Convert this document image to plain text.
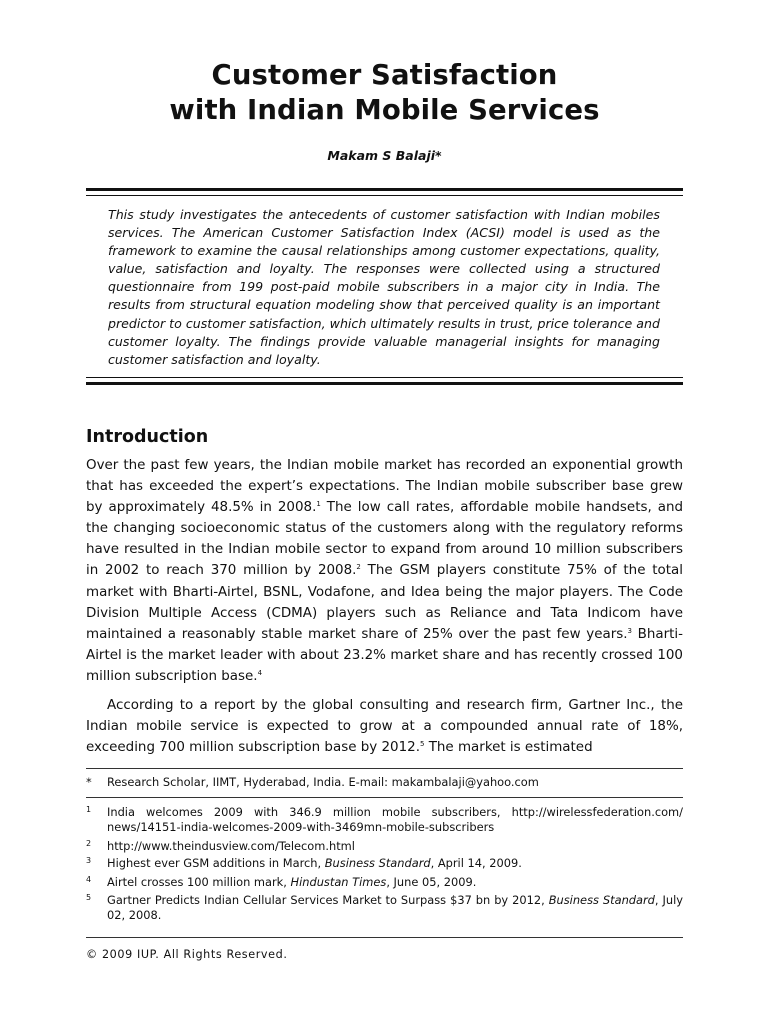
Customer Satisfaction
with Indian Mobile Services
Makam S Balaji*

This study investigates the antecedents of customer satisfaction with Indian mobiles services. The American Customer Satisfaction Index (ACSI) model is used as the framework to examine the causal relationships among customer expectations, quality, value, satisfaction and loyalty. The responses were collected using a structured questionnaire from 199 post-paid mobile subscribers in a major city in India. The results from structural equation modeling show that perceived quality is an important predictor to customer satisfaction, which ultimately results in trust, price tolerance and customer loyalty. The findings provide valuable managerial insights for managing customer satisfaction and loyalty.

Introduction

Over the past few years, the Indian mobile market has recorded an exponential growth that has exceeded the expert’s expectations. The Indian mobile subscriber base grew by approximately 48.5% in 2008.$^1$ The low call rates, affordable mobile handsets, and the changing socioeconomic status of the customers along with the regulatory reforms have resulted in the Indian mobile sector to expand from around 10 million subscribers in 2002 to reach 370 million by 2008.$^2$ The GSM players constitute 75% of the total market with Bharti-Airtel, BSNL, Vodafone, and Idea being the major players. The Code Division Multiple Access (CDMA) players such as Reliance and Tata Indicom have maintained a reasonably stable market share of 25% over the past few years.$^3$ Bharti-Airtel is the market leader with about 23.2% market share and has recently crossed 100 million subscription base.$^4$

According to a report by the global consulting and research firm, Gartner Inc., the Indian mobile service is expected to grow at a compounded annual rate of 18%, exceeding 700 million subscription base by 2012.$^5$ The market is estimated

* Research Scholar, IIMT, Hyderabad, India. E-mail: makambalaji@yahoo.com
1 India welcomes 2009 with 346.9 million mobile subscribers, http://wirelessfederation.com/ news/14151-india-welcomes-2009-with-3469mn-mobile-subscribers
2 http://www.theindusview.com/Telecom.html
3 Highest ever GSM additions in March, Business Standard, April 14, 2009.
4 Airtel crosses 100 million mark, Hindustan Times, June 05, 2009.
5 Gartner Predicts Indian Cellular Services Market to Surpass $37 bn by 2012, Business Standard, July 02, 2008.
© 2009 IUP. All Rights Reserved.
